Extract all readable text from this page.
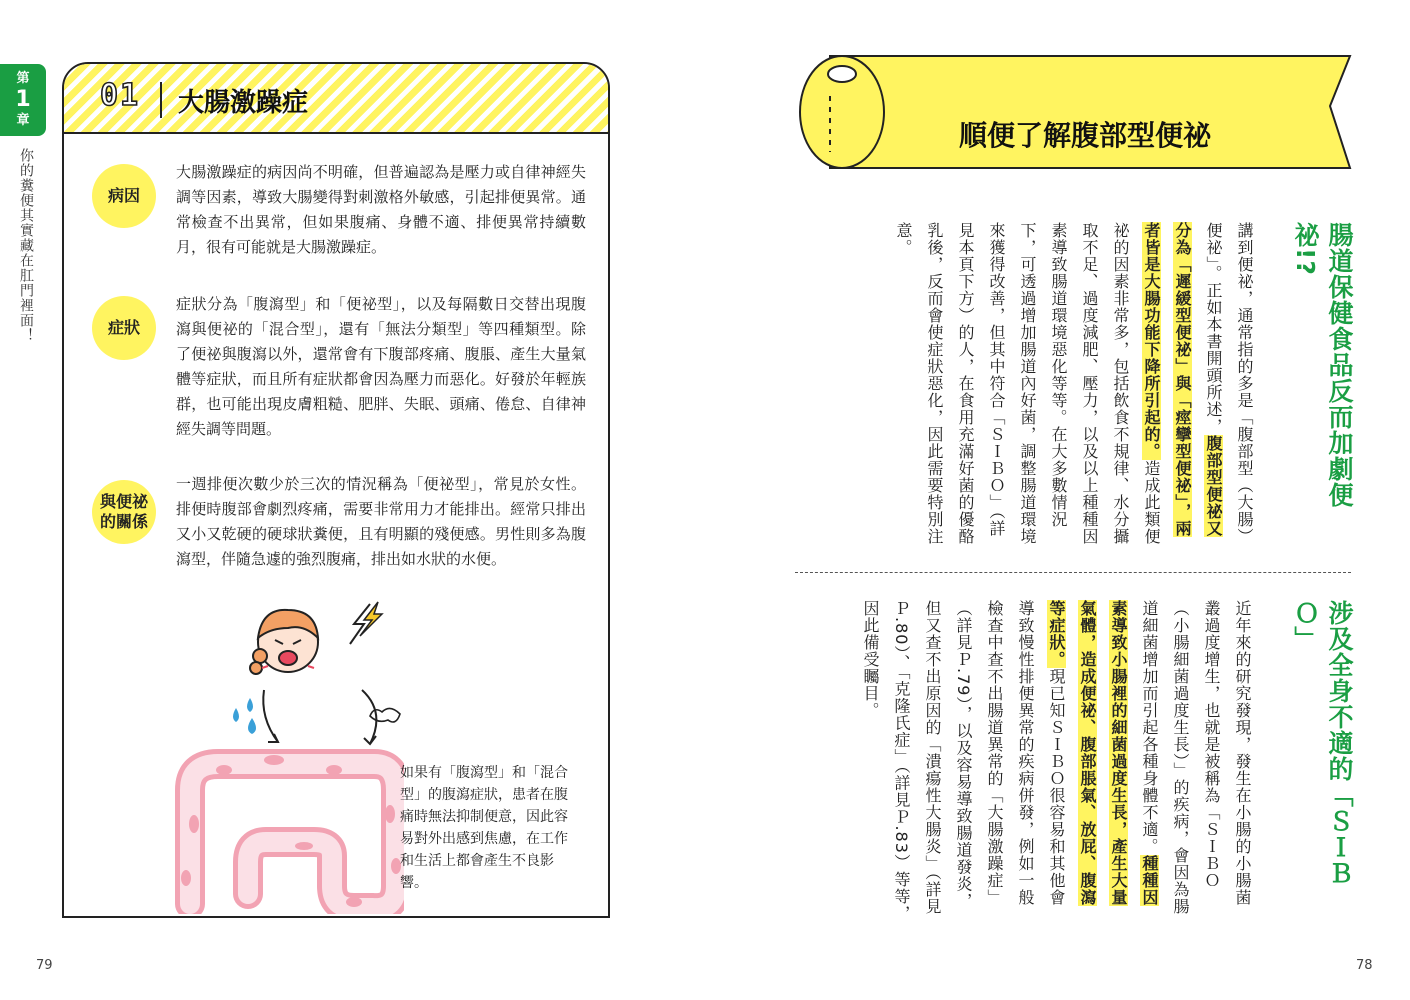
第
1
章
你的糞便其實藏在肛門裡面！
01 大腸激躁症
病因
大腸激躁症的病因尚不明確，但普遍認為是壓力或自律神經失調等因素，導致大腸變得對刺激格外敏感，引起排便異常。通常檢查不出異常，但如果腹痛、身體不適、排便異常持續數月，很有可能就是大腸激躁症。
症狀
症狀分為「腹瀉型」和「便祕型」，以及每隔數日交替出現腹瀉與便祕的「混合型」，還有「無法分類型」等四種類型。除了便祕與腹瀉以外，還常會有下腹部疼痛、腹脹、產生大量氣體等症狀，而且所有症狀都會因為壓力而惡化。好發於年輕族群，也可能出現皮膚粗糙、肥胖、失眠、頭痛、倦怠、自律神經失調等問題。
與便祕
的關係
一週排便次數少於三次的情況稱為「便祕型」，常見於女性。排便時腹部會劇烈疼痛，需要非常用力才能排出。經常只排出又小又乾硬的硬球狀糞便，且有明顯的殘便感。男性則多為腹瀉型，伴隨急遽的強烈腹痛，排出如水狀的水便。
如果有「腹瀉型」和「混合型」的腹瀉症狀，患者在腹痛時無法抑制便意，因此容易對外出感到焦慮，在工作和生活上都會產生不良影響。
79
順便了解腹部型便祕
腸道保健食品反而加劇便祕!?
講到便祕，通常指的多是「腹部型（大腸）便祕」。正如本書開頭所述，腹部型便祕又分為「遲緩型便祕」與「痙攣型便祕」，兩者皆是大腸功能下降所引起的。造成此類便祕的因素非常多，包括飲食不規律、水分攝取不足、過度減肥、壓力，以及以上種種因素導致腸道環境惡化等等。在大多數情況下，可透過增加腸道內好菌，調整腸道環境來獲得改善，但其中符合「ＳＩＢＯ」（詳見本頁下方）的人，在食用充滿好菌的優酪乳後，反而會使症狀惡化，因此需要特別注意。
涉及全身不適的「ＳＩＢＯ」
近年來的研究發現，發生在小腸的小腸菌叢過度增生，也就是被稱為「ＳＩＢＯ（小腸細菌過度生長）」的疾病，會因為腸道細菌增加而引起各種身體不適。種種因素導致小腸裡的細菌過度生長，產生大量氣體，造成便祕、腹部脹氣、放屁、腹瀉等症狀。現已知ＳＩＢＯ很容易和其他會導致慢性排便異常的疾病併發，例如一般檢查中查不出腸道異常的「大腸激躁症」（詳見Ｐ.79），以及容易導致腸道發炎，但又查不出原因的「潰瘍性大腸炎」（詳見Ｐ.80）、「克隆氏症」（詳見Ｐ.83）等等，因此備受矚目。
78
